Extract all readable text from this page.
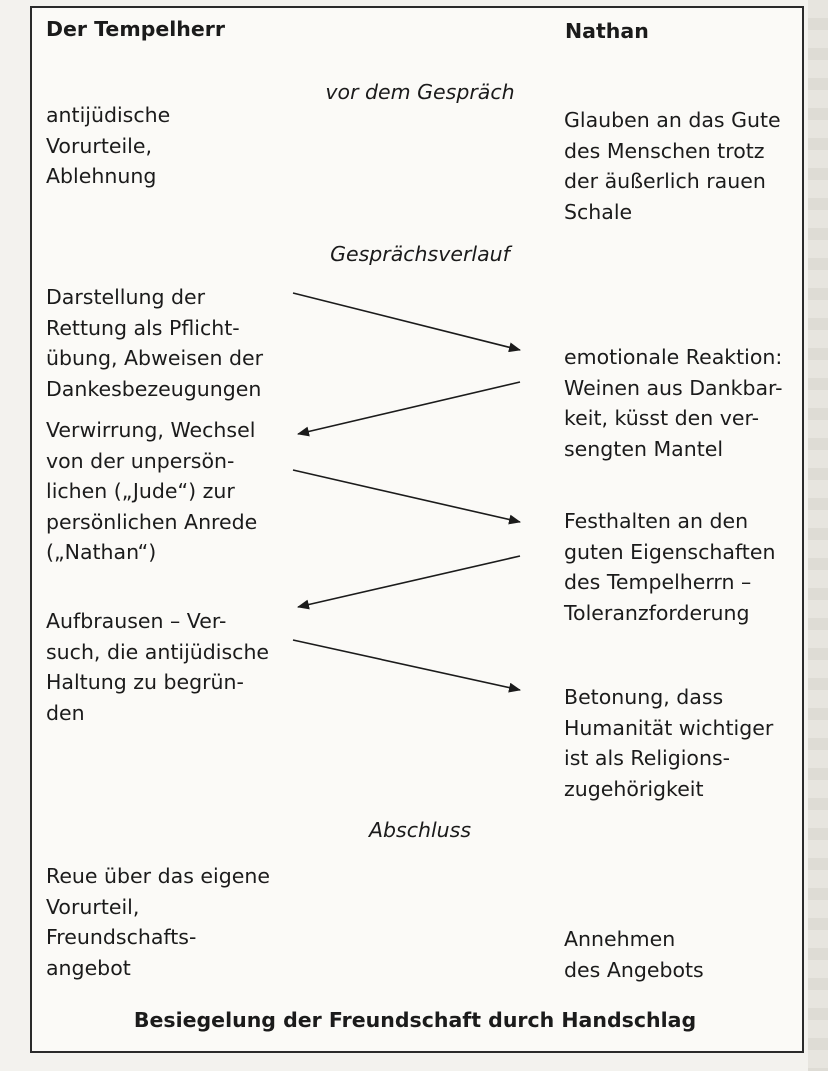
Der Tempelherr	Nathan
vor dem Gespräch
antijüdische
Vorurteile,
Ablehnung
Glauben an das Gute
des Menschen trotz
der äußerlich rauen
Schale
Gesprächsverlauf
Darstellung der
Rettung als Pflicht-
übung, Abweisen der
Dankesbezeugungen
emotionale Reaktion:
Weinen aus Dankbar-
keit, küsst den ver-
sengten Mantel
Verwirrung, Wechsel
von der unpersön-
lichen („Jude“) zur
persönlichen Anrede
(„Nathan“)
Festhalten an den
guten Eigenschaften
des Tempelherrn –
Toleranzforderung
Aufbrausen – Ver-
such, die antijüdische
Haltung zu begrün-
den
Betonung, dass
Humanität wichtiger
ist als Religions-
zugehörigkeit
Abschluss
Reue über das eigene
Vorurteil,
Freundschafts-
angebot
Annehmen
des Angebots
Besiegelung der Freundschaft durch Handschlag
